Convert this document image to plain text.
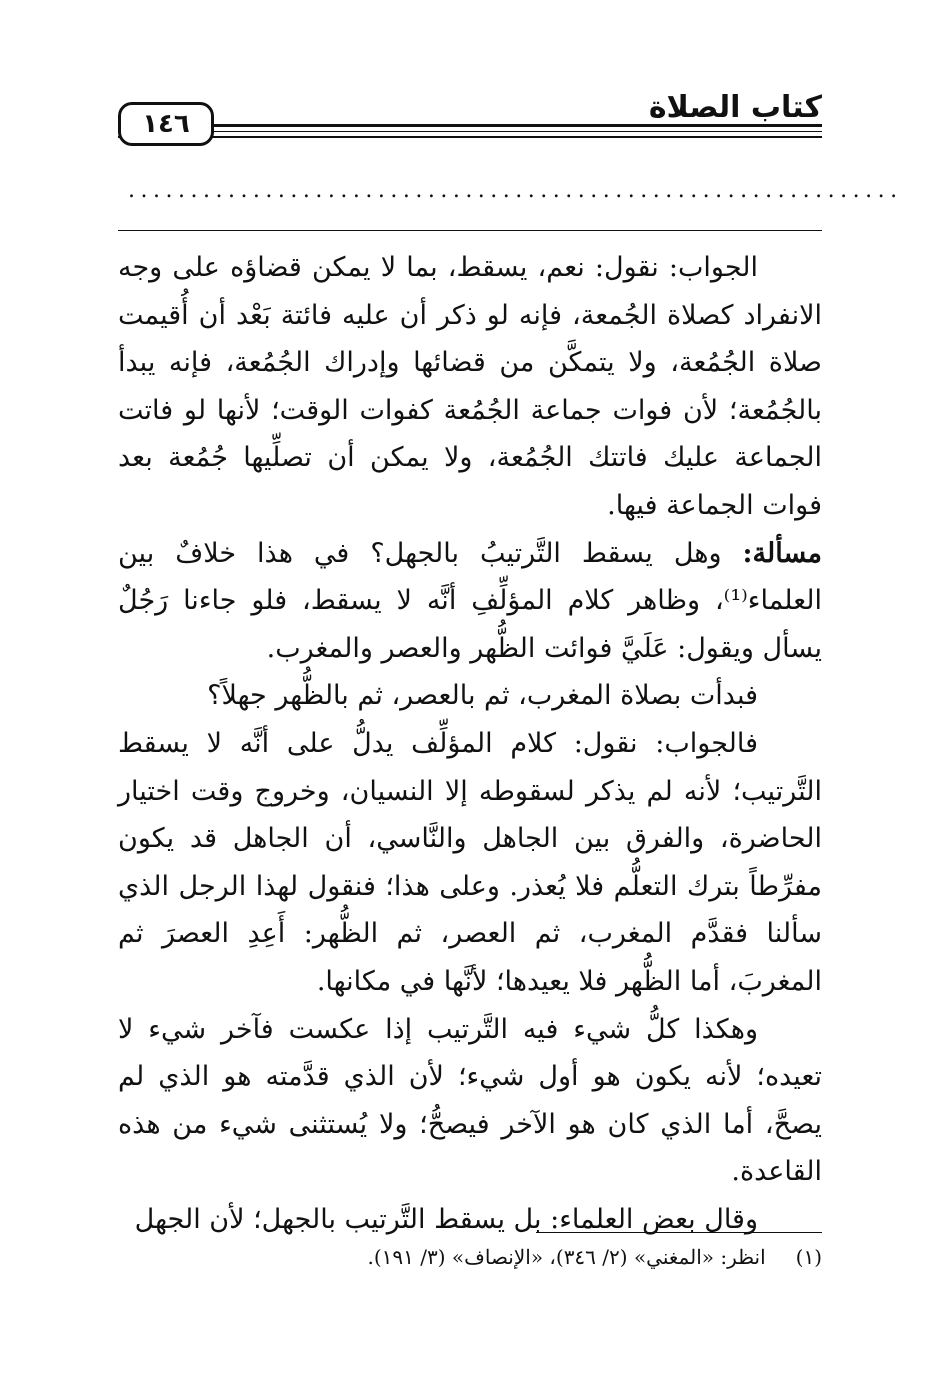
كتاب الصلاة
١٤٦
..............................................................

الجواب: نقول: نعم، يسقط، بما لا يمكن قضاؤه على وجه الانفراد كصلاة الجُمعة، فإنه لو ذكر أن عليه فائتة بَعْد أن أُقيمت صلاة الجُمُعة، ولا يتمكَّن من قضائها وإدراك الجُمُعة، فإنه يبدأ بالجُمُعة؛ لأن فوات جماعة الجُمُعة كفوات الوقت؛ لأنها لو فاتت الجماعة عليك فاتتك الجُمُعة، ولا يمكن أن تصلِّيها جُمُعة بعد فوات الجماعة فيها.

مسألة: وهل يسقط التَّرتيبُ بالجهل؟ في هذا خلافٌ بين العلماء⁽¹⁾، وظاهر كلام المؤلِّفِ أنَّه لا يسقط، فلو جاءنا رَجُلٌ يسأل ويقول: عَلَيَّ فوائت الظُّهر والعصر والمغرب.

فبدأت بصلاة المغرب، ثم بالعصر، ثم بالظُّهر جهلاً؟

فالجواب: نقول: كلام المؤلِّف يدلُّ على أنَّه لا يسقط التَّرتيب؛ لأنه لم يذكر لسقوطه إلا النسيان، وخروج وقت اختيار الحاضرة، والفرق بين الجاهل والنَّاسي، أن الجاهل قد يكون مفرِّطاً بترك التعلُّم فلا يُعذر. وعلى هذا؛ فنقول لهذا الرجل الذي سألنا فقدَّم المغرب، ثم العصر، ثم الظُّهر: أَعِدِ العصرَ ثم المغربَ، أما الظُّهر فلا يعيدها؛ لأنَّها في مكانها.

وهكذا كلُّ شيء فيه التَّرتيب إذا عكست فآخر شيء لا تعيده؛ لأنه يكون هو أول شيء؛ لأن الذي قدَّمته هو الذي لم يصحَّ، أما الذي كان هو الآخر فيصحُّ؛ ولا يُستثنى شيء من هذه القاعدة.

وقال بعض العلماء: بل يسقط التَّرتيب بالجهل؛ لأن الجهل

(١) انظر: «المغني» (٢/ ٣٤٦)، «الإنصاف» (٣/ ١٩١).
